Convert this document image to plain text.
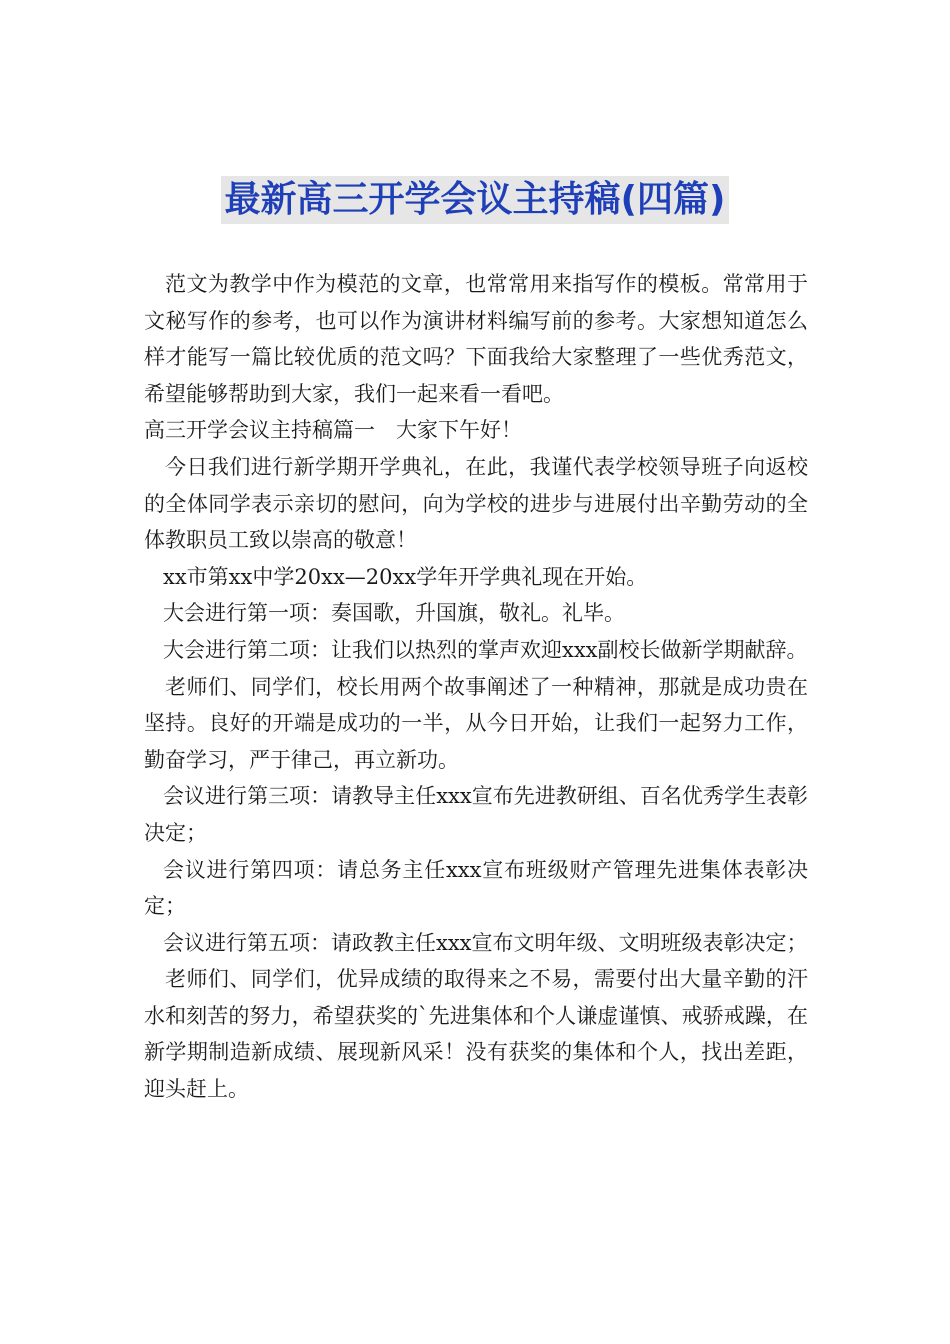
最新高三开学会议主持稿(四篇)

范文为教学中作为模范的文章，也常常用来指写作的模板。常常用于文秘写作的参考，也可以作为演讲材料编写前的参考。大家想知道怎么样才能写一篇比较优质的范文吗？下面我给大家整理了一些优秀范文，希望能够帮助到大家，我们一起来看一看吧。

高三开学会议主持稿篇一　大家下午好！

今日我们进行新学期开学典礼，在此，我谨代表学校领导班子向返校的全体同学表示亲切的慰问，向为学校的进步与进展付出辛勤劳动的全体教职员工致以崇高的敬意！

xx市第xx中学20xx—20xx学年开学典礼现在开始。

大会进行第一项：奏国歌，升国旗，敬礼。礼毕。

大会进行第二项：让我们以热烈的掌声欢迎xxx副校长做新学期献辞。

老师们、同学们，校长用两个故事阐述了一种精神，那就是成功贵在坚持。良好的开端是成功的一半，从今日开始，让我们一起努力工作，勤奋学习，严于律己，再立新功。

会议进行第三项：请教导主任xxx宣布先进教研组、百名优秀学生表彰决定；

会议进行第四项：请总务主任xxx宣布班级财产管理先进集体表彰决定；

会议进行第五项：请政教主任xxx宣布文明年级、文明班级表彰决定；

老师们、同学们，优异成绩的取得来之不易，需要付出大量辛勤的汗水和刻苦的努力，希望获奖的`先进集体和个人谦虚谨慎、戒骄戒躁，在新学期制造新成绩、展现新风采！没有获奖的集体和个人，找出差距，迎头赶上。
